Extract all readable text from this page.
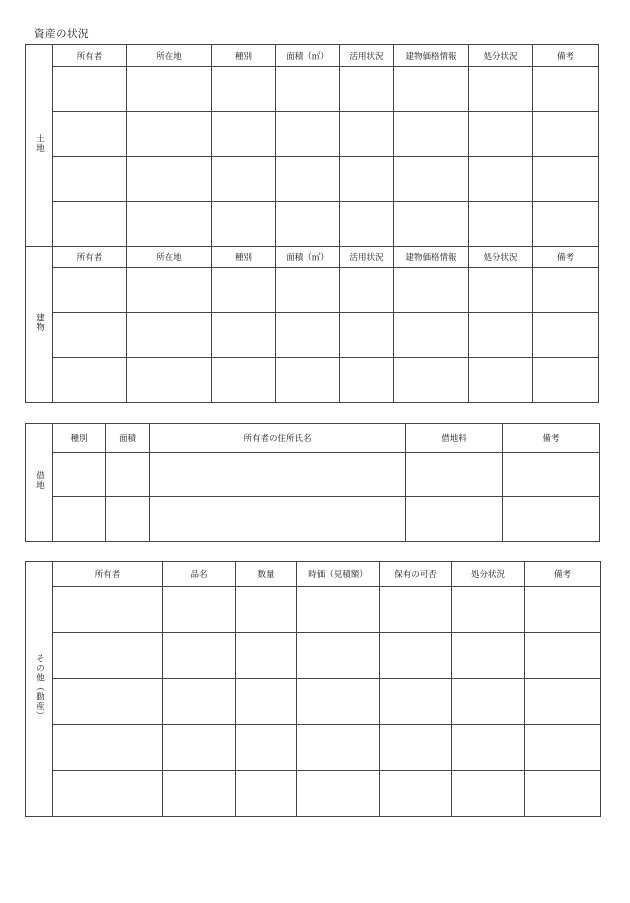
資産の状況
土地	所有者	所在地	種別	面積（㎡）	活用状況	建物価格情報	処分状況	備考

建物	所有者	所在地	種別	面積（㎡）	活用状況	建物価格情報	処分状況	備考

借地	種別	面積	所有者の住所氏名	借地料	備考

その他（動産）	所有者	品名	数量	時価（見積額）	保有の可否	処分状況	備考
